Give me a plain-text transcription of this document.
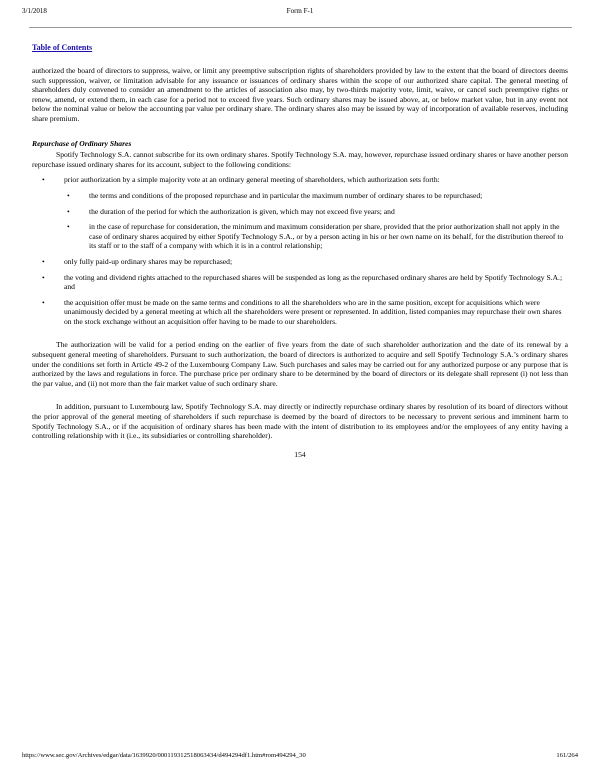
3/1/2018	Form F-1
Table of Contents

authorized the board of directors to suppress, waive, or limit any preemptive subscription rights of shareholders provided by law to the extent that the board of directors deems such suppression, waiver, or limitation advisable for any issuance or issuances of ordinary shares within the scope of our authorized share capital. The general meeting of shareholders duly convened to consider an amendment to the articles of association also may, by two-thirds majority vote, limit, waive, or cancel such preemptive rights or renew, amend, or extend them, in each case for a period not to exceed five years. Such ordinary shares may be issued above, at, or below market value, but in any event not below the nominal value or below the accounting par value per ordinary share. The ordinary shares also may be issued by way of incorporation of available reserves, including share premium.

Repurchase of Ordinary Shares

Spotify Technology S.A. cannot subscribe for its own ordinary shares. Spotify Technology S.A. may, however, repurchase issued ordinary shares or have another person repurchase issued ordinary shares for its account, subject to the following conditions:

•	prior authorization by a simple majority vote at an ordinary general meeting of shareholders, which authorization sets forth:
•	the terms and conditions of the proposed repurchase and in particular the maximum number of ordinary shares to be repurchased;
•	the duration of the period for which the authorization is given, which may not exceed five years; and
•	in the case of repurchase for consideration, the minimum and maximum consideration per share, provided that the prior authorization shall not apply in the case of ordinary shares acquired by either Spotify Technology S.A., or by a person acting in his or her own name on its behalf, for the distribution thereof to its staff or to the staff of a company with which it is in a control relationship;
•	only fully paid-up ordinary shares may be repurchased;
•	the voting and dividend rights attached to the repurchased shares will be suspended as long as the repurchased ordinary shares are held by Spotify Technology S.A.; and
•	the acquisition offer must be made on the same terms and conditions to all the shareholders who are in the same position, except for acquisitions which were unanimously decided by a general meeting at which all the shareholders were present or represented. In addition, listed companies may repurchase their own shares on the stock exchange without an acquisition offer having to be made to our shareholders.

The authorization will be valid for a period ending on the earlier of five years from the date of such shareholder authorization and the date of its renewal by a subsequent general meeting of shareholders. Pursuant to such authorization, the board of directors is authorized to acquire and sell Spotify Technology S.A.’s ordinary shares under the conditions set forth in Article 49-2 of the Luxembourg Company Law. Such purchases and sales may be carried out for any authorized purpose or any purpose that is authorized by the laws and regulations in force. The purchase price per ordinary share to be determined by the board of directors or its delegate shall represent (i) not less than the par value, and (ii) not more than the fair market value of such ordinary share.

In addition, pursuant to Luxembourg law, Spotify Technology S.A. may directly or indirectly repurchase ordinary shares by resolution of its board of directors without the prior approval of the general meeting of shareholders if such repurchase is deemed by the board of directors to be necessary to prevent serious and imminent harm to Spotify Technology S.A., or if the acquisition of ordinary shares has been made with the intent of distribution to its employees and/or the employees of any entity having a controlling relationship with it (i.e., its subsidiaries or controlling shareholder).

154
https://www.sec.gov/Archives/edgar/data/1639920/000119312518063434/d494294df1.htm#rom494294_30	161/264
